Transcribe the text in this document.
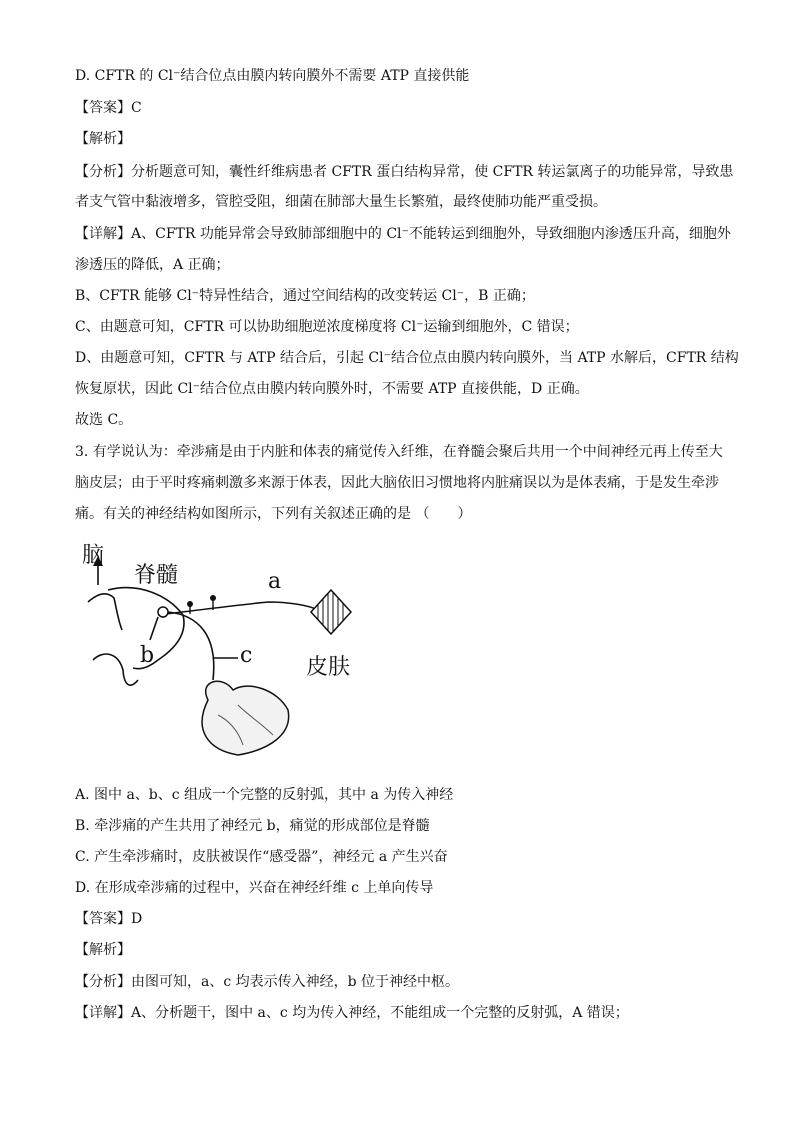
D. CFTR 的 Cl⁻结合位点由膜内转向膜外不需要 ATP 直接供能
【答案】C
【解析】
【分析】分析题意可知，囊性纤维病患者 CFTR 蛋白结构异常，使 CFTR 转运氯离子的功能异常，导致患
者支气管中黏液增多，管腔受阻，细菌在肺部大量生长繁殖，最终使肺功能严重受损。
【详解】A、CFTR 功能异常会导致肺部细胞中的 Cl⁻不能转运到细胞外，导致细胞内渗透压升高，细胞外
渗透压的降低，A 正确；
B、CFTR 能够 Cl⁻特异性结合，通过空间结构的改变转运 Cl⁻，B 正确；
C、由题意可知，CFTR 可以协助细胞逆浓度梯度将 Cl⁻运输到细胞外，C 错误；
D、由题意可知，CFTR 与 ATP 结合后，引起 Cl⁻结合位点由膜内转向膜外，当 ATP 水解后，CFTR 结构
恢复原状，因此 Cl⁻结合位点由膜内转向膜外时，不需要 ATP 直接供能，D 正确。
故选 C。
3. 有学说认为：牵涉痛是由于内脏和体表的痛觉传入纤维，在脊髓会聚后共用一个中间神经元再上传至大
脑皮层；由于平时疼痛刺激多来源于体表，因此大脑依旧习惯地将内脏痛误以为是体表痛，于是发生牵涉
痛。有关的神经结构如图所示，下列有关叙述正确的是 （　　）
脑
脊髓	a
b	c 皮肤
A. 图中 a、b、c 组成一个完整的反射弧，其中 a 为传入神经
B. 牵涉痛的产生共用了神经元 b，痛觉的形成部位是脊髓
C. 产生牵涉痛时，皮肤被误作“感受器”，神经元 a 产生兴奋
D. 在形成牵涉痛的过程中，兴奋在神经纤维 c 上单向传导
【答案】D
【解析】
【分析】由图可知，a、c 均表示传入神经，b 位于神经中枢。
【详解】A、分析题干，图中 a、c 均为传入神经，不能组成一个完整的反射弧，A 错误；
